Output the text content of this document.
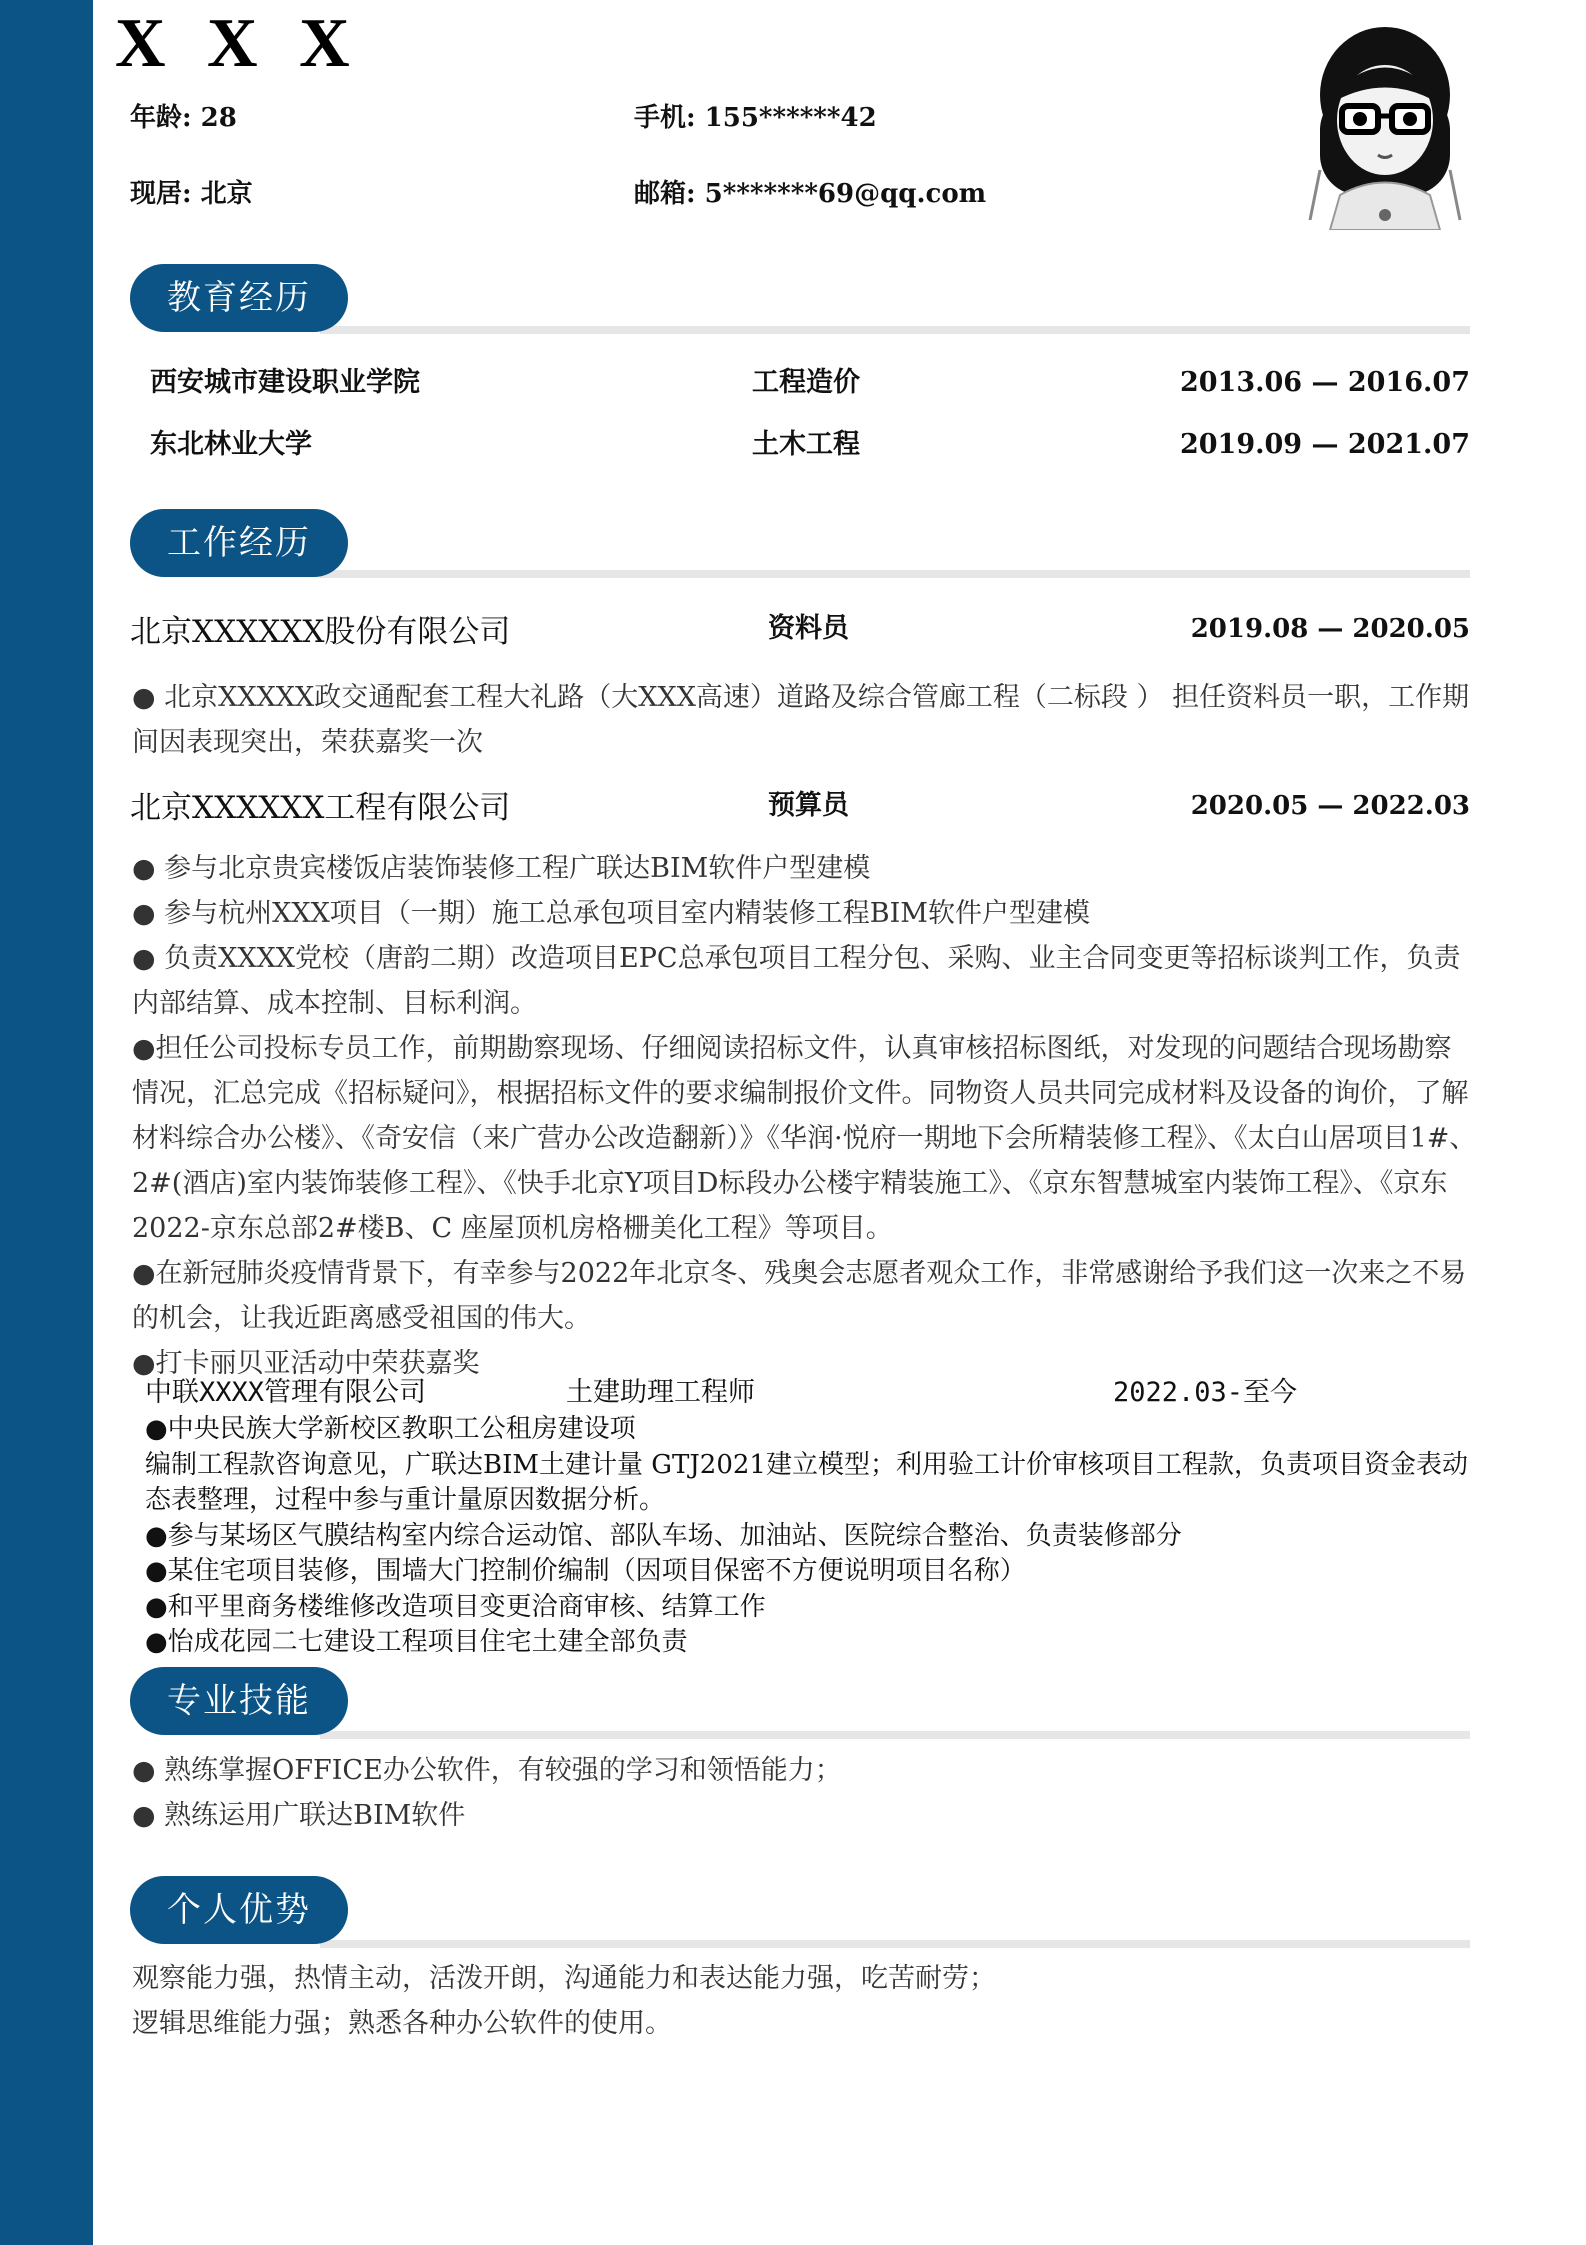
X X X
年龄: 28	手机: 155******42
现居: 北京	邮箱: 5*******69@qq.com
教育经历
西安城市建设职业学院	工程造价	2013.06 — 2016.07
东北林业大学	土木工程	2019.09 — 2021.07
工作经历
北京XXXXXX股份有限公司	资料员	2019.08 — 2020.05

● 北京XXXXX政交通配套工程大礼路（大XXX高速）道路及综合管廊工程（二标段 ） 担任资料员一职，工作期间因表现突出，荣获嘉奖一次

北京XXXXXX工程有限公司	预算员	2020.05 — 2022.03

● 参与北京贵宾楼饭店装饰装修工程广联达BIM软件户型建模

● 参与杭州XXX项目（一期）施工总承包项目室内精装修工程BIM软件户型建模

● 负责XXXX党校（唐韵二期）改造项目EPC总承包项目工程分包、采购、业主合同变更等招标谈判工作，负责内部结算、成本控制、目标利润。

●担任公司投标专员工作，前期勘察现场、仔细阅读招标文件，认真审核招标图纸，对发现的问题结合现场勘察情况，汇总完成《招标疑问》，根据招标文件的要求编制报价文件。同物资人员共同完成材料及设备的询价，了解材料综合办公楼》、《奇安信（来广营办公改造翻新）》《华润·悦府一期地下会所精装修工程》、《太白山居项目1#、2#(酒店)室内装饰装修工程》、《快手北京Y项目D标段办公楼宇精装施工》、《京东智慧城室内装饰工程》、《京东2022-京东总部2#楼B、C 座屋顶机房格栅美化工程》等项目。

●在新冠肺炎疫情背景下，有幸参与2022年北京冬、残奥会志愿者观众工作，非常感谢给予我们这一次来之不易的机会，让我近距离感受祖国的伟大。

●打卡丽贝亚活动中荣获嘉奖

中联XXXX管理有限公司	土建助理工程师	2022.03-至今

●中央民族大学新校区教职工公租房建设项

编制工程款咨询意见，广联达BIM土建计量 GTJ2021建立模型；利用验工计价审核项目工程款，负责项目资金表动态表整理，过程中参与重计量原因数据分析。

●参与某场区气膜结构室内综合运动馆、部队车场、加油站、医院综合整治、负责装修部分

●某住宅项目装修，围墙大门控制价编制（因项目保密不方便说明项目名称）

●和平里商务楼维修改造项目变更洽商审核、结算工作

●怡成花园二七建设工程项目住宅土建全部负责

专业技能

● 熟练掌握OFFICE办公软件，有较强的学习和领悟能力；

● 熟练运用广联达BIM软件

个人优势

观察能力强，热情主动，活泼开朗，沟通能力和表达能力强，吃苦耐劳；

逻辑思维能力强；熟悉各种办公软件的使用。
